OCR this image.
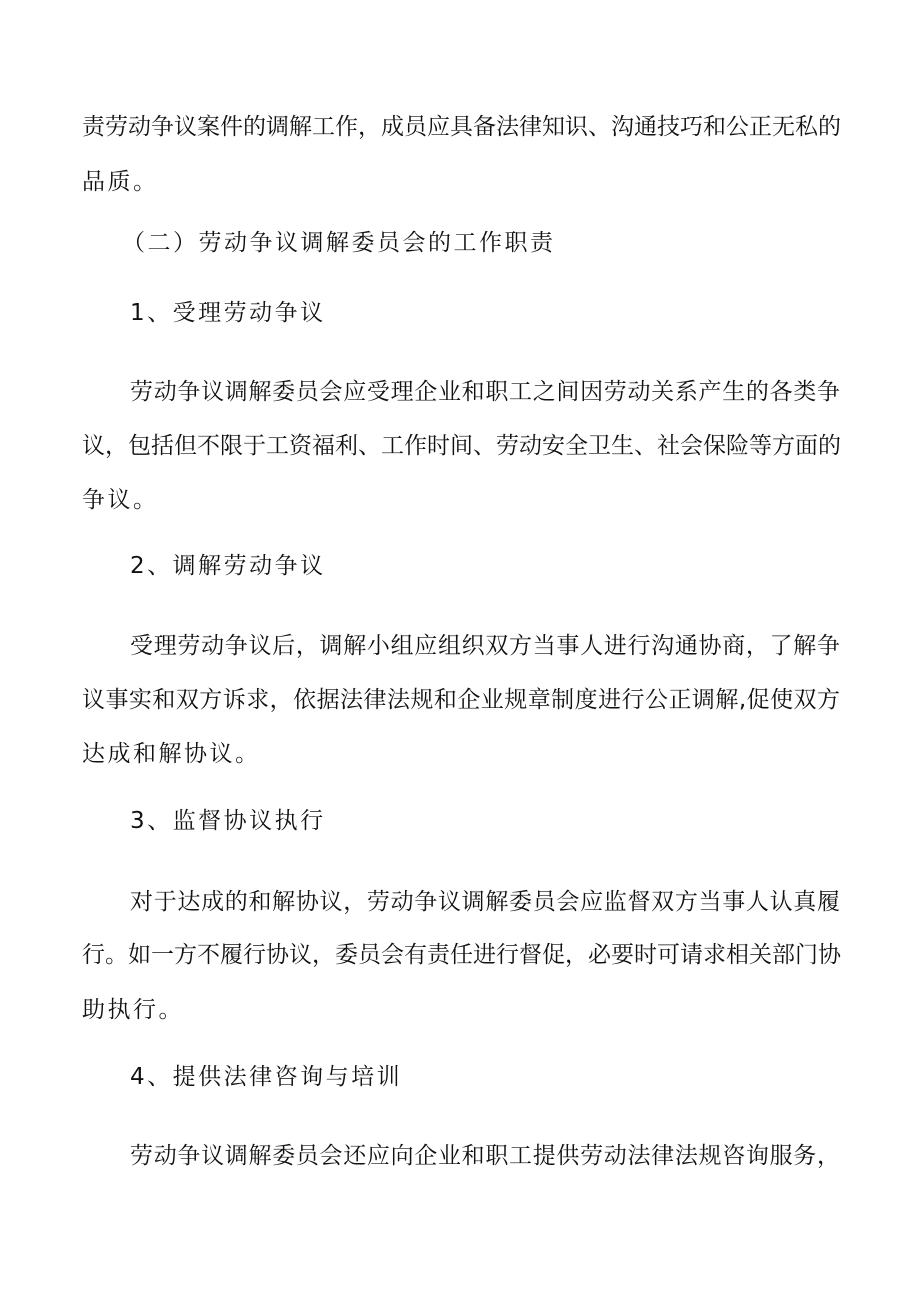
责劳动争议案件的调解工作，成员应具备法律知识、沟通技巧和公正无私的
品质。
（二）劳动争议调解委员会的工作职责
1、受理劳动争议
劳动争议调解委员会应受理企业和职工之间因劳动关系产生的各类争
议，包括但不限于工资福利、工作时间、劳动安全卫生、社会保险等方面的
争议。
2、调解劳动争议
受理劳动争议后，调解小组应组织双方当事人进行沟通协商，了解争
议事实和双方诉求，依据法律法规和企业规章制度进行公正调解,促使双方
达成和解协议。
3、监督协议执行
对于达成的和解协议，劳动争议调解委员会应监督双方当事人认真履
行。如一方不履行协议，委员会有责任进行督促，必要时可请求相关部门协
助执行。
4、提供法律咨询与培训
劳动争议调解委员会还应向企业和职工提供劳动法律法规咨询服务，
